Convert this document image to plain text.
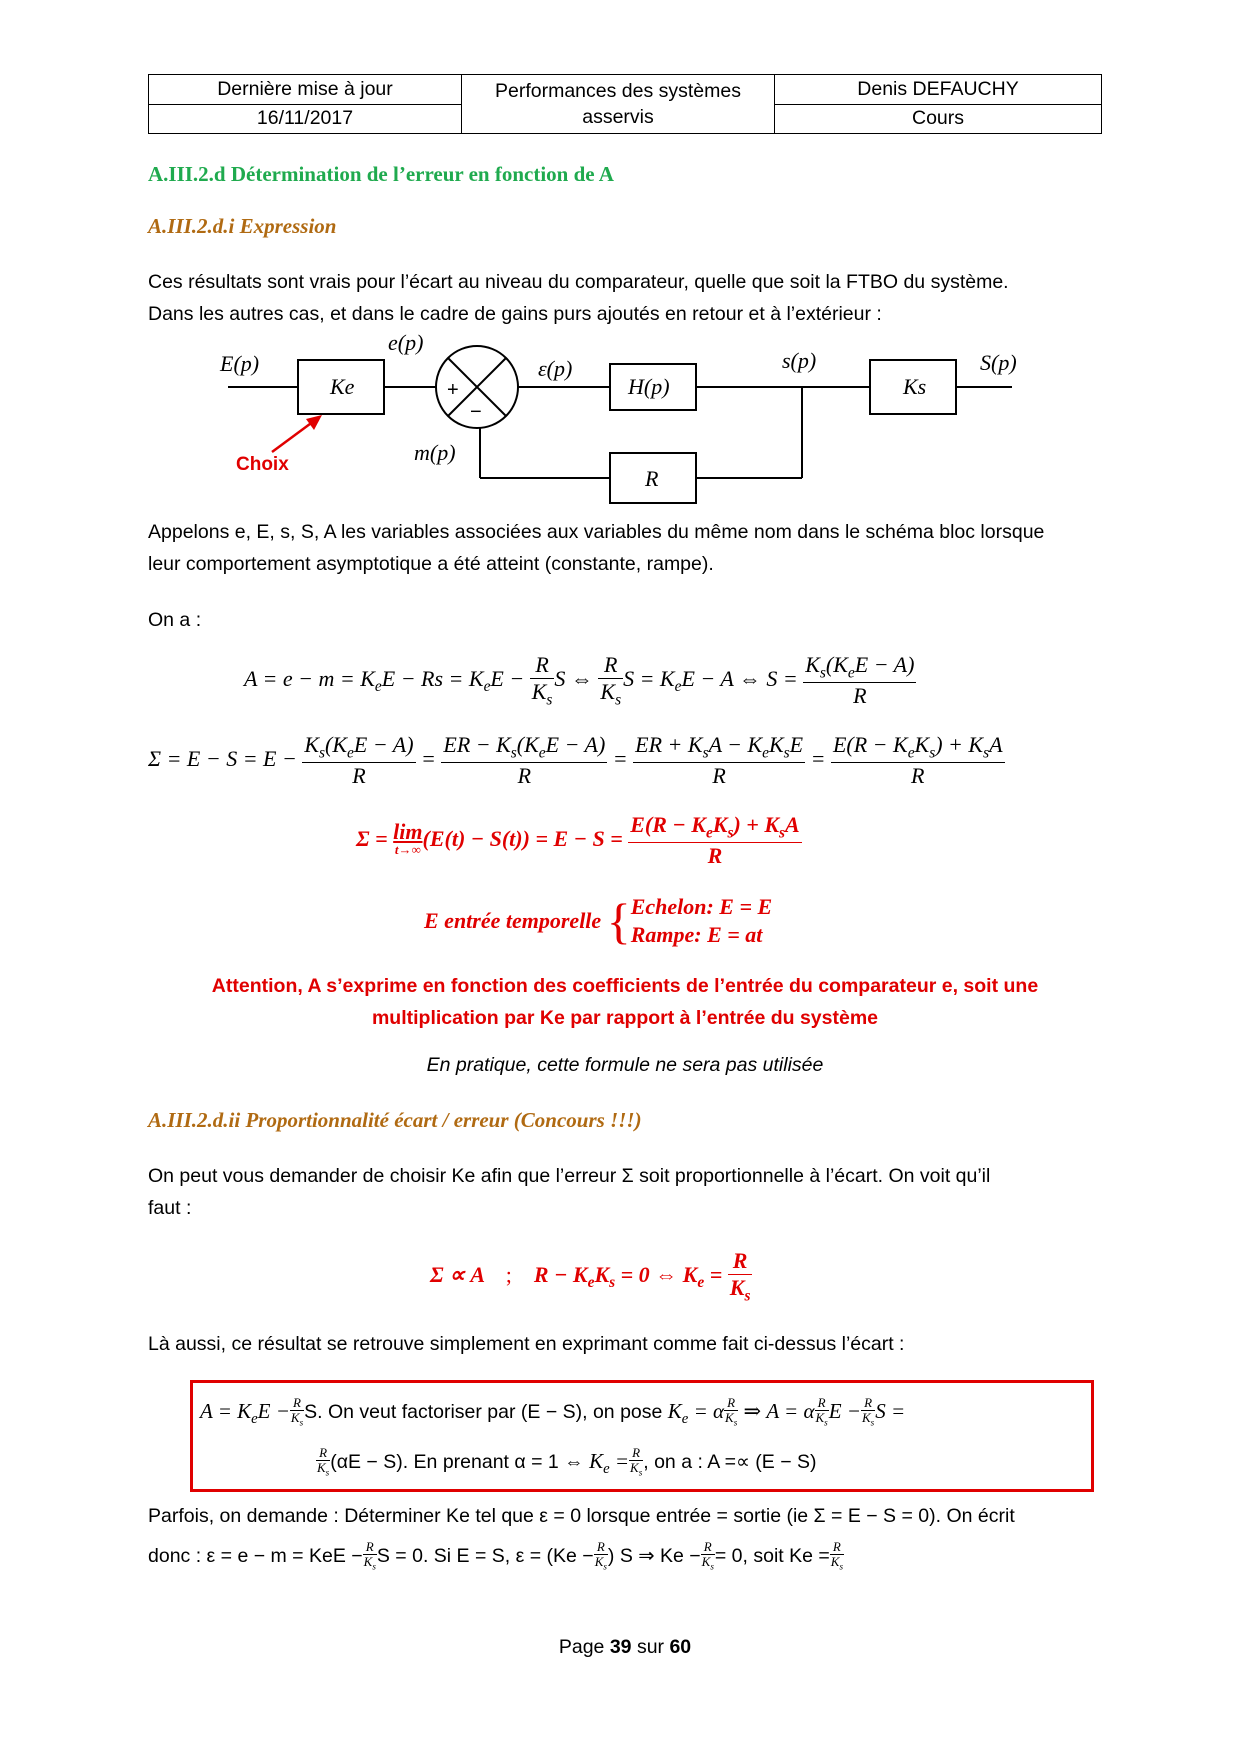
Dernière mise à jour	Performances des systèmes asservis	Denis DEFAUCHY
16/11/2017		Cours
A.III.2.d Détermination de l’erreur en fonction de A
A.III.2.d.i Expression
Ces résultats sont vrais pour l’écart au niveau du comparateur, quelle que soit la FTBO du système.
Dans les autres cas, et dans le cadre de gains purs ajoutés en retour et à l’extérieur :
E(p)
Ke
e(p)
ε(p)
H(p)
s(p)
Ks
S(p)
m(p)
R
+
−
Choix
Appelons e, E, s, S, A les variables associées aux variables du même nom dans le schéma bloc lorsque
leur comportement asymptotique a été atteint (constante, rampe).
On a :
$A = e - m = K_eE - Rs = K_eE - \frac{R}{K_s}$ S ⇔ $\frac{R}{K_s}$ $S = K_eE - A$ ⇔ $S = \frac{K_s(K_eE - A)}{R}$
$\Sigma = E - S = E - \frac{K_s(K_eE - A)}{R} = \frac{ER - K_s(K_eE - A)}{R} = \frac{ER + K_sA - K_eK_sE}{R} = \frac{E(R - K_eK_s) + K_sA}{R}$
Σ = lim
t→∞ $(E(t) - S(t)) = E - S = \frac{E(R - K_eK_s) + K_sA}{R}$
E entrée temporelle { Echelon: E = E
Rampe: E = at
Attention, A s’exprime en fonction des coefficients de l’entrée du comparateur e, soit une
multiplication par Ke par rapport à l’entrée du système
En pratique, cette formule ne sera pas utilisée
A.III.2.d.ii Proportionnalité écart / erreur (Concours !!!)
On peut vous demander de choisir Ke afin que l’erreur Σ soit proportionnelle à l’écart. On voit qu’il
faut :
Σ ∝ A    ;    $R - K_eK_s = 0$ ⇔ $K_e = \frac{R}{K_s}$
Là aussi, ce résultat se retrouve simplement en exprimant comme fait ci-dessus l’écart :
$A = K_eE - \frac{R}{K_s} S$. On veut factoriser par (E − S), on pose $K_e = \alpha \frac{R}{K_s}$ ⇒ A = α $\frac{R}{K_s}$ $E - \frac{R}{K_s}$ S =
$\frac{R}{K_s} (\alpha E - S)$. En prenant α = 1 ⇔ $K_e = \frac{R}{K_s}$ , on a : A =∝ (E − S)
Parfois, on demande : Déterminer Ke tel que ε = 0 lorsque entrée = sortie (ie Σ = E − S = 0). On écrit
donc : ε = e − m = KeE − $\frac{R}{K_s}$ S = 0. Si E = S, $\varepsilon = (Ke - \frac{R}{K_s}$ ) S ⇒ $Ke - \frac{R}{K_s} = 0$, soit $Ke = \frac{R}{K_s}$
Page 39 sur 60
